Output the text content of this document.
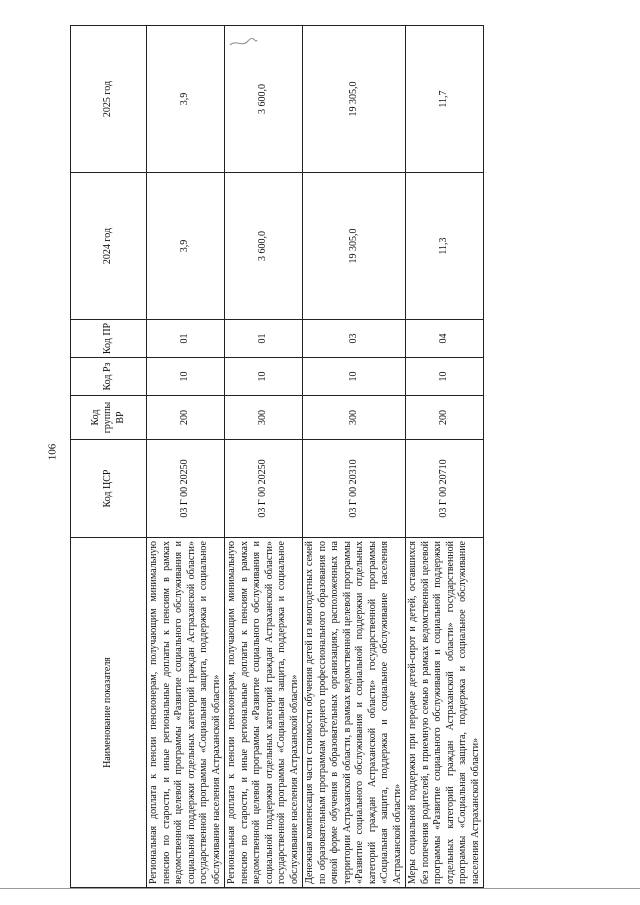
106
Наименование показателя	Код ЦСР	Код группы ВР	Код Рз	Код ПР	2024 год	2025 год
Региональная доплата к пенсии пенсионерам, получающим минимальную пенсию по старости, и иные региональные доплаты к пенсиям в рамках ведомственной целевой программы «Развитие социального обслуживания и социальной поддержки отдельных категорий граждан Астраханской области» государственной программы «Социальная защита, поддержка и социальное обслуживание населения Астраханской области»	03 Г 00 20250	200	10	01	3,9	3,9
Региональная доплата к пенсии пенсионерам, получающим минимальную пенсию по старости, и иные региональные доплаты к пенсиям в рамках ведомственной целевой программы «Развитие социального обслуживания и социальной поддержки отдельных категорий граждан Астраханской области» государственной программы «Социальная защита, поддержка и социальное обслуживание населения Астраханской области»	03 Г 00 20250	300	10	01	3 600,0	3 600,0
Денежная компенсация части стоимости обучения детей из многодетных семей по образовательным программам среднего профессионального образования по очной форме обучения в образовательных организациях, расположенных на территории Астраханской области, в рамках ведомственной целевой программы «Развитие социального обслуживания и социальной поддержки отдельных категорий граждан Астраханской области» государственной программы «Социальная защита, поддержка и социальное обслуживание населения Астраханской области»	03 Г 00 20310	300	10	03	19 305,0	19 305,0
Меры социальной поддержки при передаче детей-сирот и детей, оставшихся без попечения родителей, в приемную семью в рамках ведомственной целевой программы «Развитие социального обслуживания и социальной поддержки отдельных категорий граждан Астраханской области» государственной программы «Социальная защита, поддержка и социальное обслуживание населения Астраханской области»	03 Г 00 20710	200	10	04	11,3	11,7
